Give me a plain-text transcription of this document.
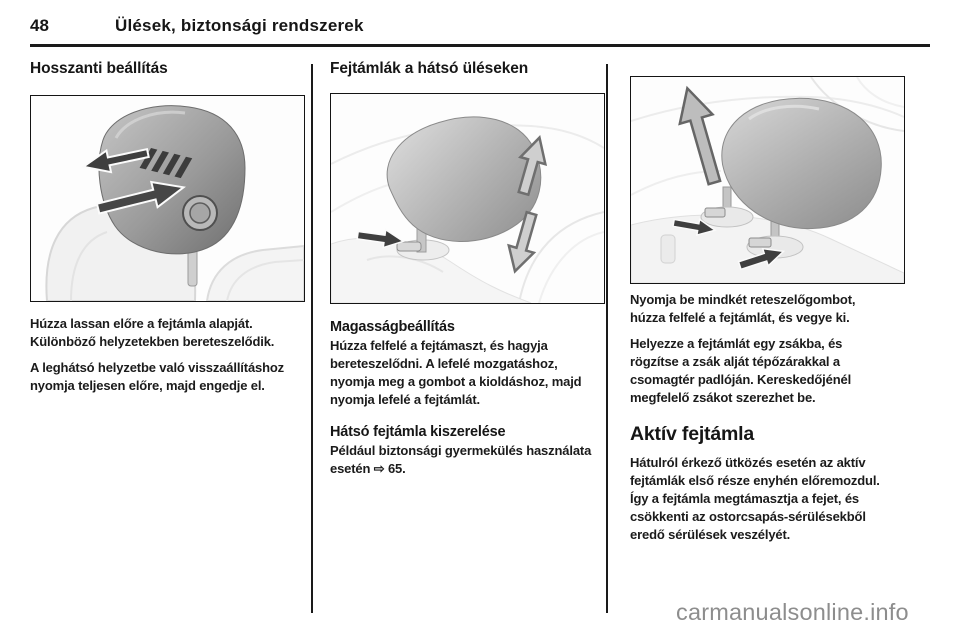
48	Ülések, biztonsági rendszerek
Hosszanti beállítás

Húzza lassan előre a fejtámla alapját. Különböző helyzetekben bereteszelődik.

A leghátsó helyzetbe való visszaállításhoz nyomja teljesen előre, majd engedje el.

Fejtámlák a hátsó üléseken
Magasságbeállítás

Húzza felfelé a fejtámaszt, és hagyja bereteszelődni. A lefelé mozgatáshoz, nyomja meg a gombot a kioldáshoz, majd nyomja lefelé a fejtámlát.

Hátsó fejtámla kiszerelése

Például biztonsági gyermekülés használata esetén ⇨ 65.

Nyomja be mindkét reteszelőgombot, húzza felfelé a fejtámlát, és vegye ki.

Helyezze a fejtámlát egy zsákba, és rögzítse a zsák alját tépőzárakkal a csomagtér padlóján. Kereskedőjénél megfelelő zsákot szerezhet be.

Aktív fejtámla

Hátulról érkező ütközés esetén az aktív fejtámlák első része enyhén előremozdul. Így a fejtámla megtámasztja a fejet, és csökkenti az ostorcsapás-sérülésekből eredő sérülések veszélyét.

carmanualsonline.info
